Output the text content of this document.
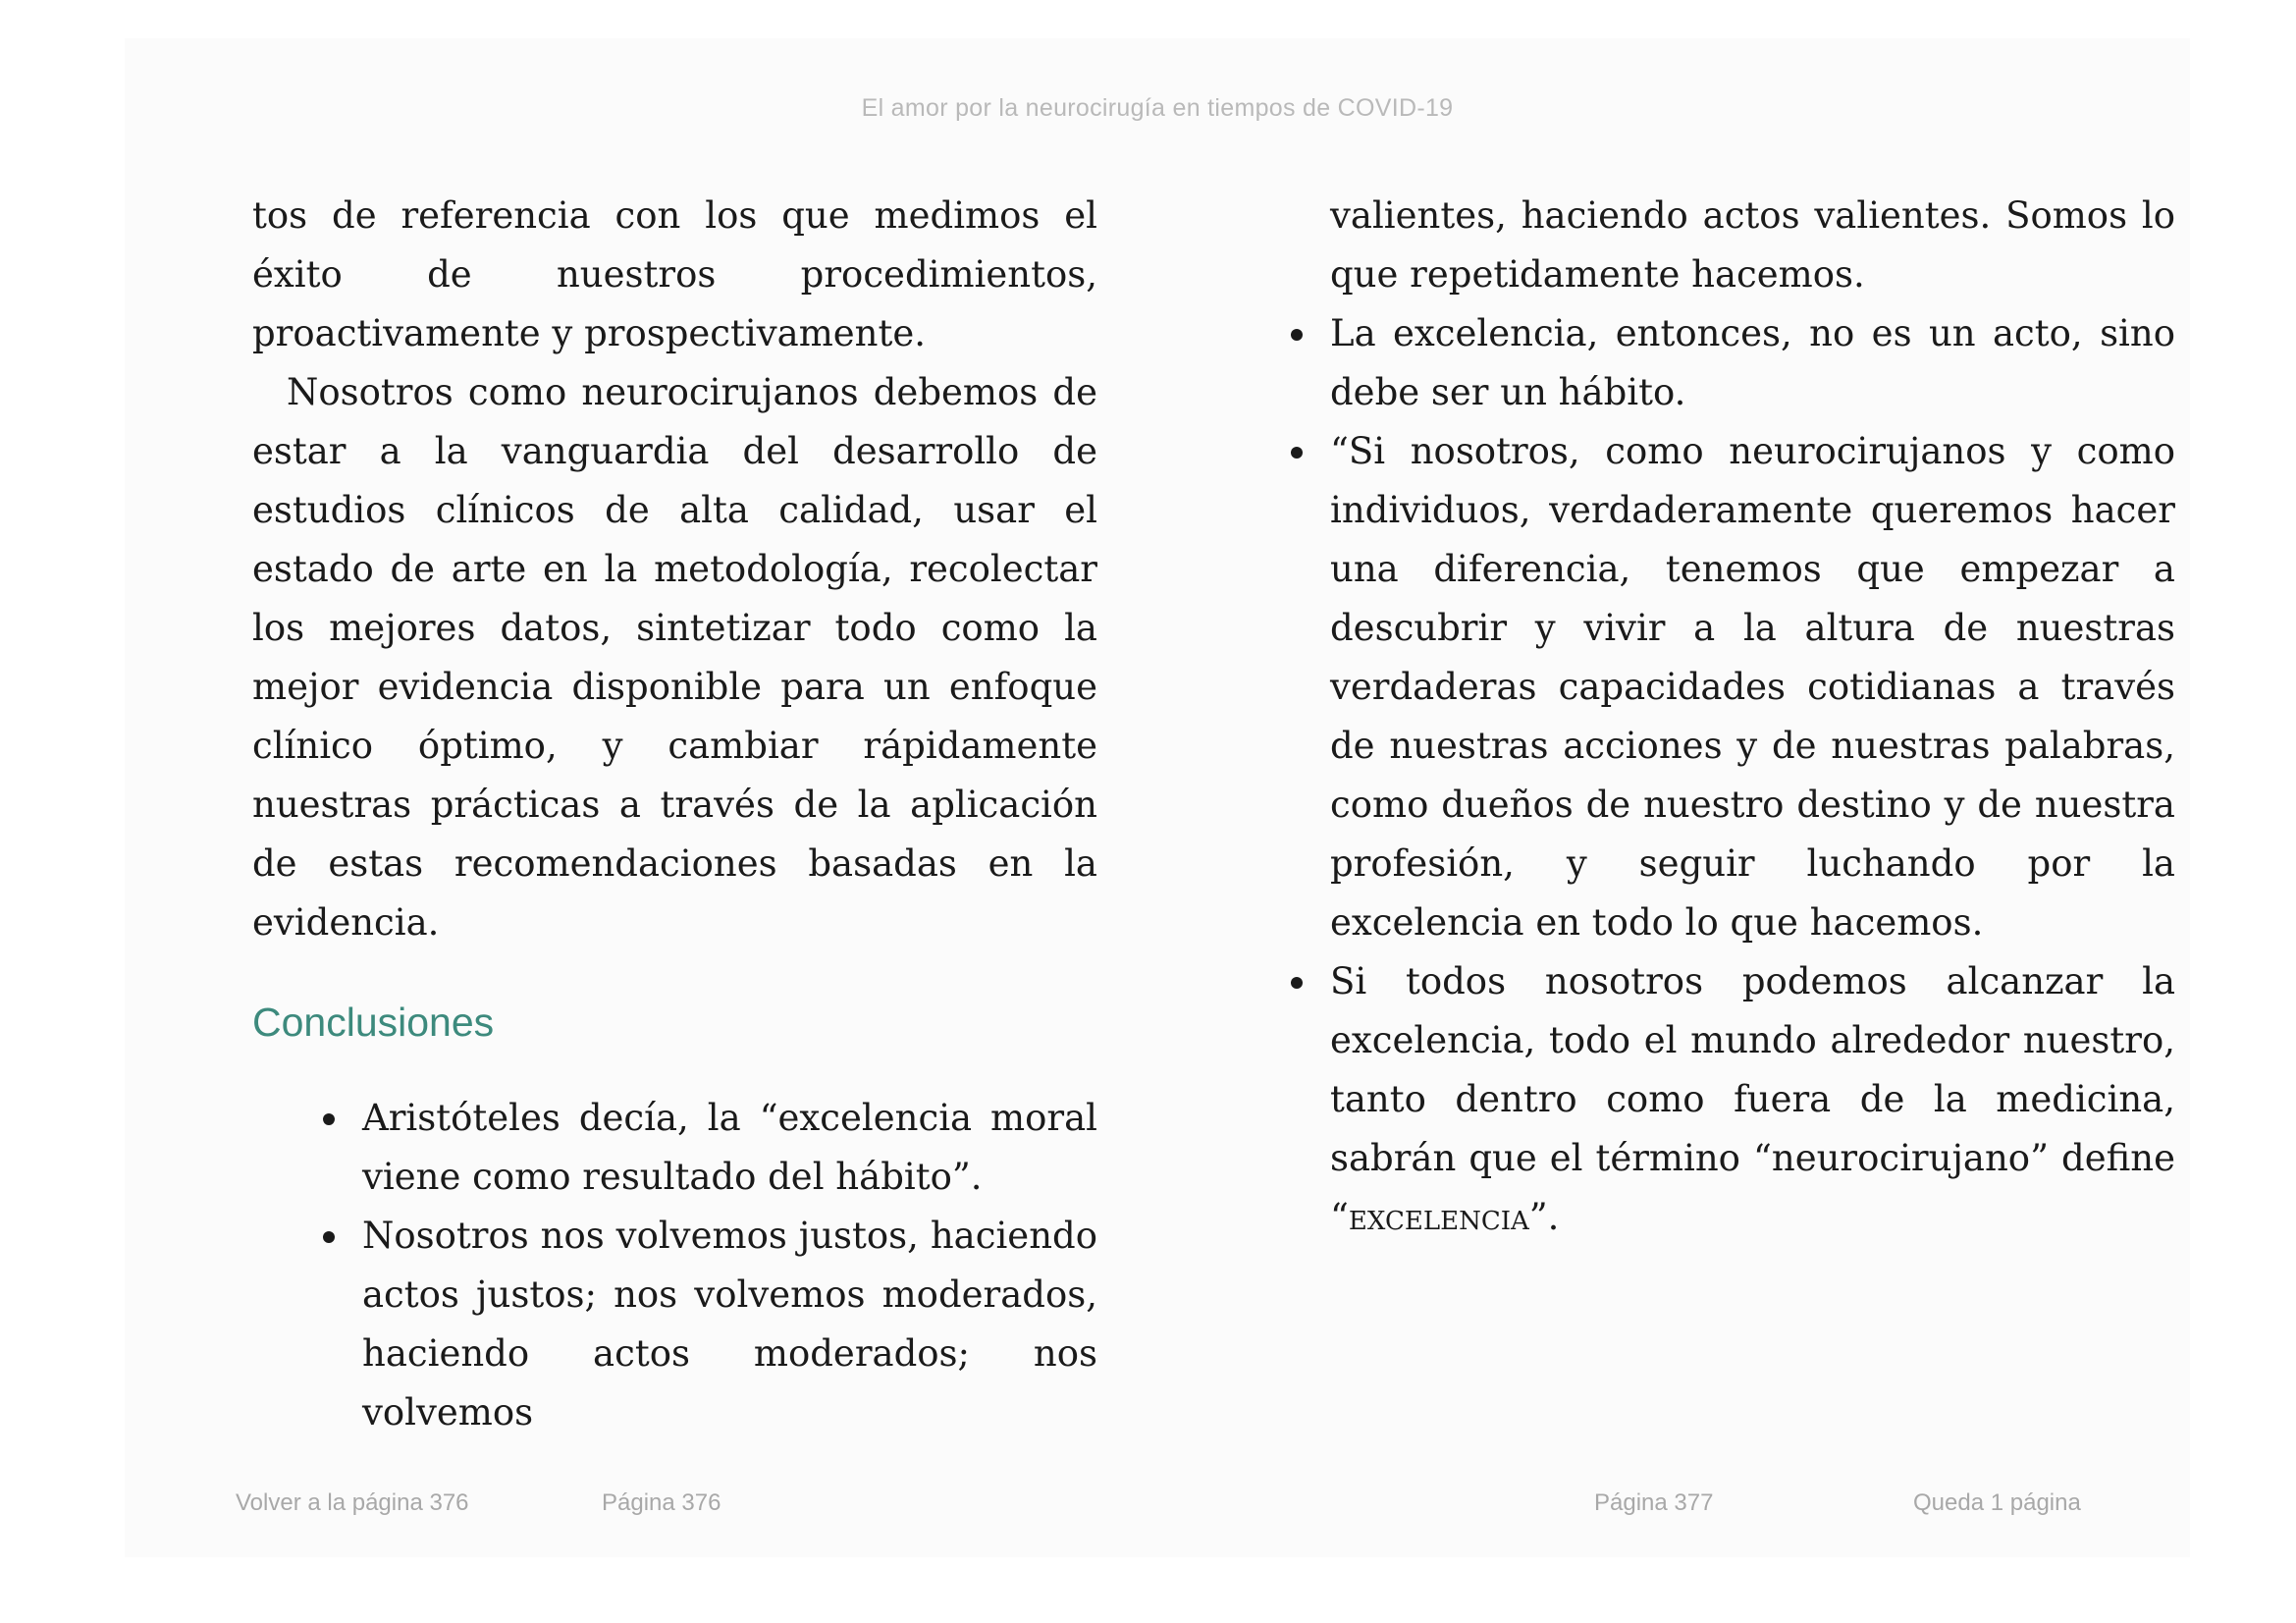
El amor por la neurocirugía en tiempos de COVID-19

tos de referencia con los que medimos el éxito de nuestros procedimientos, proactivamente y prospectivamente.

Nosotros como neurocirujanos debemos de estar a la vanguardia del desarrollo de estudios clínicos de alta calidad, usar el estado de arte en la metodología, recolectar los mejores datos, sintetizar todo como la mejor evidencia disponible para un enfoque clínico óptimo, y cambiar rápidamente nuestras prácticas a través de la aplicación de estas recomendaciones basadas en la evidencia.

Conclusiones
Aristóteles decía, la “excelencia moral viene como resultado del hábito”.
Nosotros nos volvemos justos, haciendo actos justos; nos volvemos moderados, haciendo actos moderados; nos volvemos
valientes, haciendo actos valientes. Somos lo que repetidamente hacemos.
La excelencia, entonces, no es un acto, sino debe ser un hábito.
“Si nosotros, como neurocirujanos y como individuos, verdaderamente queremos hacer una diferencia, tenemos que empezar a descubrir y vivir a la altura de nuestras verdaderas capacidades cotidianas a través de nuestras acciones y de nuestras palabras, como dueños de nuestro destino y de nuestra profesión, y seguir luchando por la excelencia en todo lo que hacemos.
Si todos nosotros podemos alcanzar la excelencia, todo el mundo alrededor nuestro, tanto dentro como fuera de la medicina, sabrán que el término “neurocirujano” define “excelencia”.
Volver a la página 376	Página 376	Página 377	Queda 1 página
